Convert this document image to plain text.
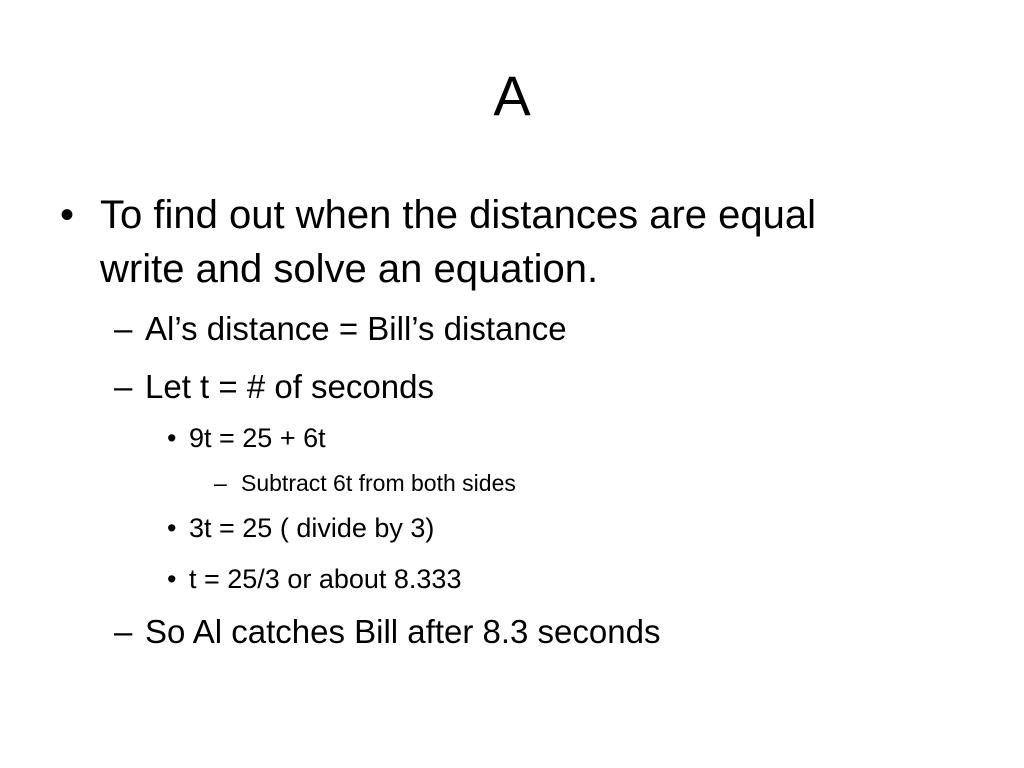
A
• To find out when the distances are equal
write and solve an equation.
– Al’s distance = Bill’s distance
– Let t = # of seconds
• 9t = 25 + 6t
– Subtract 6t from both sides
• 3t = 25 ( divide by 3)
• t = 25/3 or about 8.333
– So Al catches Bill after 8.3 seconds
